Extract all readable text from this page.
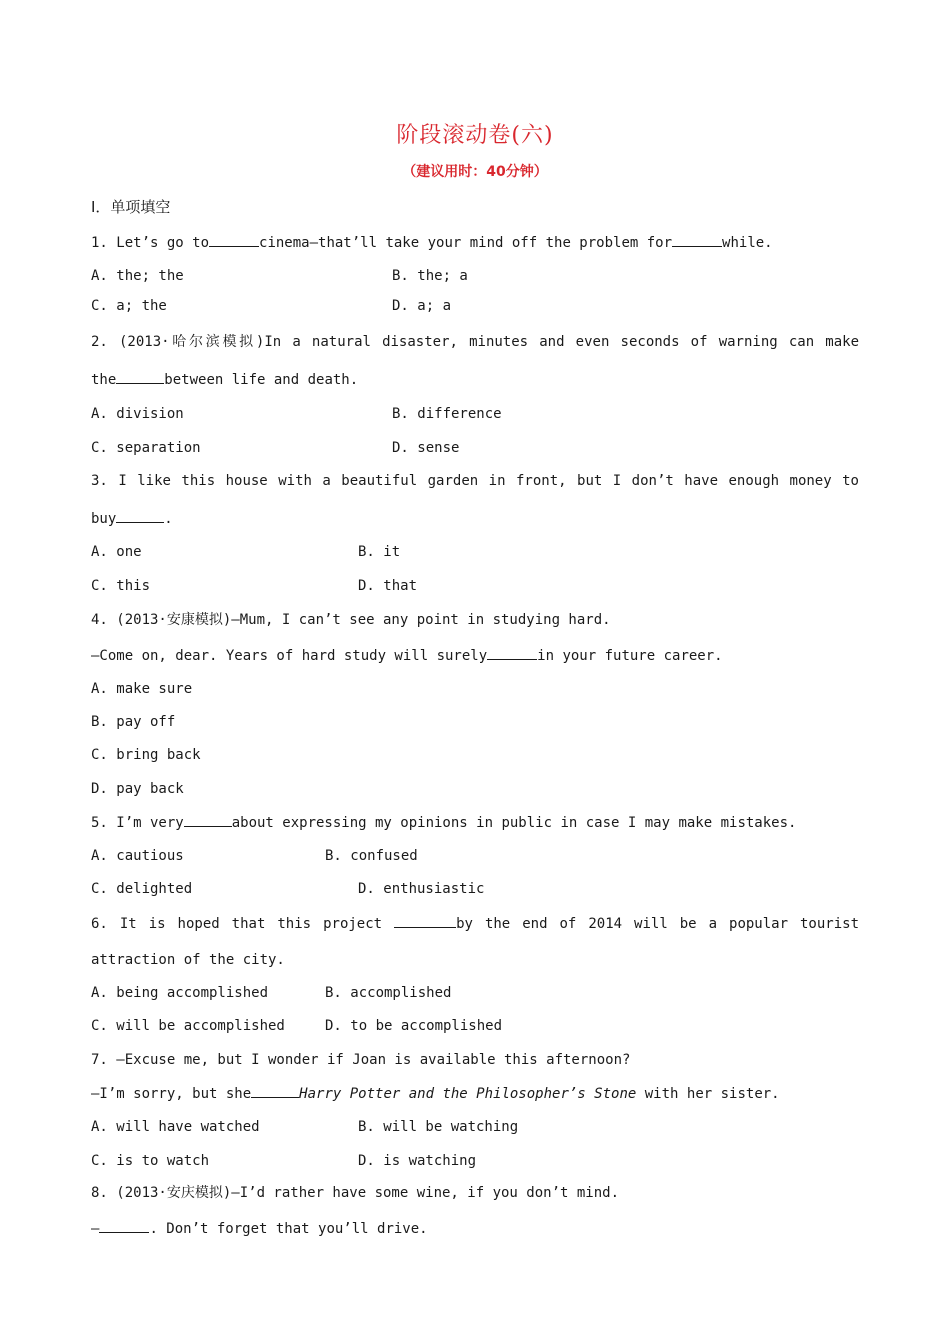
阶段滚动卷(六)
（建议用时：40分钟）
Ⅰ．单项填空
1. Let’s go to	cinema—that’ll take your mind off the problem for	while.
A. the; the	B. the; a
C. a; the	D. a; a
2. (2013·哈尔滨模拟)In a natural disaster, minutes and even seconds of warning can make
the	between life and death.
A. division	B. difference
C. separation	D. sense
3. I like this house with a beautiful garden in front, but I don’t have enough money to
buy	.
A. one	B. it
C. this	D. that
4. (2013·安康模拟)—Mum, I can’t see any point in studying hard.
—Come on, dear. Years of hard study will surely	in your future career.
A. make sure
B. pay off
C. bring back
D. pay back
5. I’m very	about expressing my opinions in public in case I may make mistakes.
A. cautious	B. confused
C. delighted	D. enthusiastic
6. It is hoped that this project	by the end of 2014 will be a popular tourist
attraction of the city.
A. being accomplished	B. accomplished
C. will be accomplished	D. to be accomplished
7. —Excuse me, but I wonder if Joan is available this afternoon?
—I’m sorry, but she	Harry Potter and the Philosopher’s Stone with her sister.
A. will have watched	B. will be watching
C. is to watch	D. is watching
8. (2013·安庆模拟)—I’d rather have some wine, if you don’t mind.
—	. Don’t forget that you’ll drive.
